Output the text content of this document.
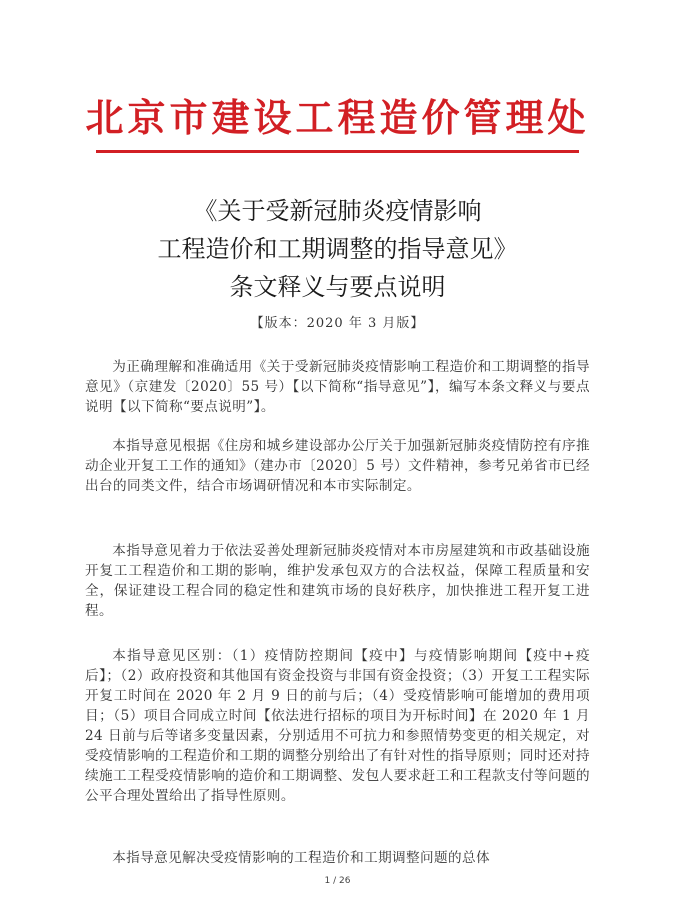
北京市建设工程造价管理处
《关于受新冠肺炎疫情影响
工程造价和工期调整的指导意见》
条文释义与要点说明
【版本：2020 年 3 月版】
为正确理解和准确适用《关于受新冠肺炎疫情影响工程造价和工期调整的指导意见》（京建发〔2020〕55 号）【以下简称“指导意见”】，编写本条文释义与要点说明【以下简称“要点说明”】。
本指导意见根据《住房和城乡建设部办公厅关于加强新冠肺炎疫情防控有序推动企业开复工工作的通知》（建办市〔2020〕5 号）文件精神，参考兄弟省市已经出台的同类文件，结合市场调研情况和本市实际制定。
本指导意见着力于依法妥善处理新冠肺炎疫情对本市房屋建筑和市政基础设施开复工工程造价和工期的影响，维护发承包双方的合法权益，保障工程质量和安全，保证建设工程合同的稳定性和建筑市场的良好秩序，加快推进工程开复工进程。
本指导意见区别：（1）疫情防控期间【疫中】与疫情影响期间【疫中+疫后】；（2）政府投资和其他国有资金投资与非国有资金投资；（3）开复工工程实际开复工时间在 2020 年 2 月 9 日的前与后；（4）受疫情影响可能增加的费用项目；（5）项目合同成立时间【依法进行招标的项目为开标时间】在 2020 年 1 月 24 日前与后等诸多变量因素，分别适用不可抗力和参照情势变更的相关规定，对受疫情影响的工程造价和工期的调整分别给出了有针对性的指导原则；同时还对持续施工工程受疫情影响的造价和工期调整、发包人要求赶工和工程款支付等问题的公平合理处置给出了指导性原则。
本指导意见解决受疫情影响的工程造价和工期调整问题的总体
1 / 26
